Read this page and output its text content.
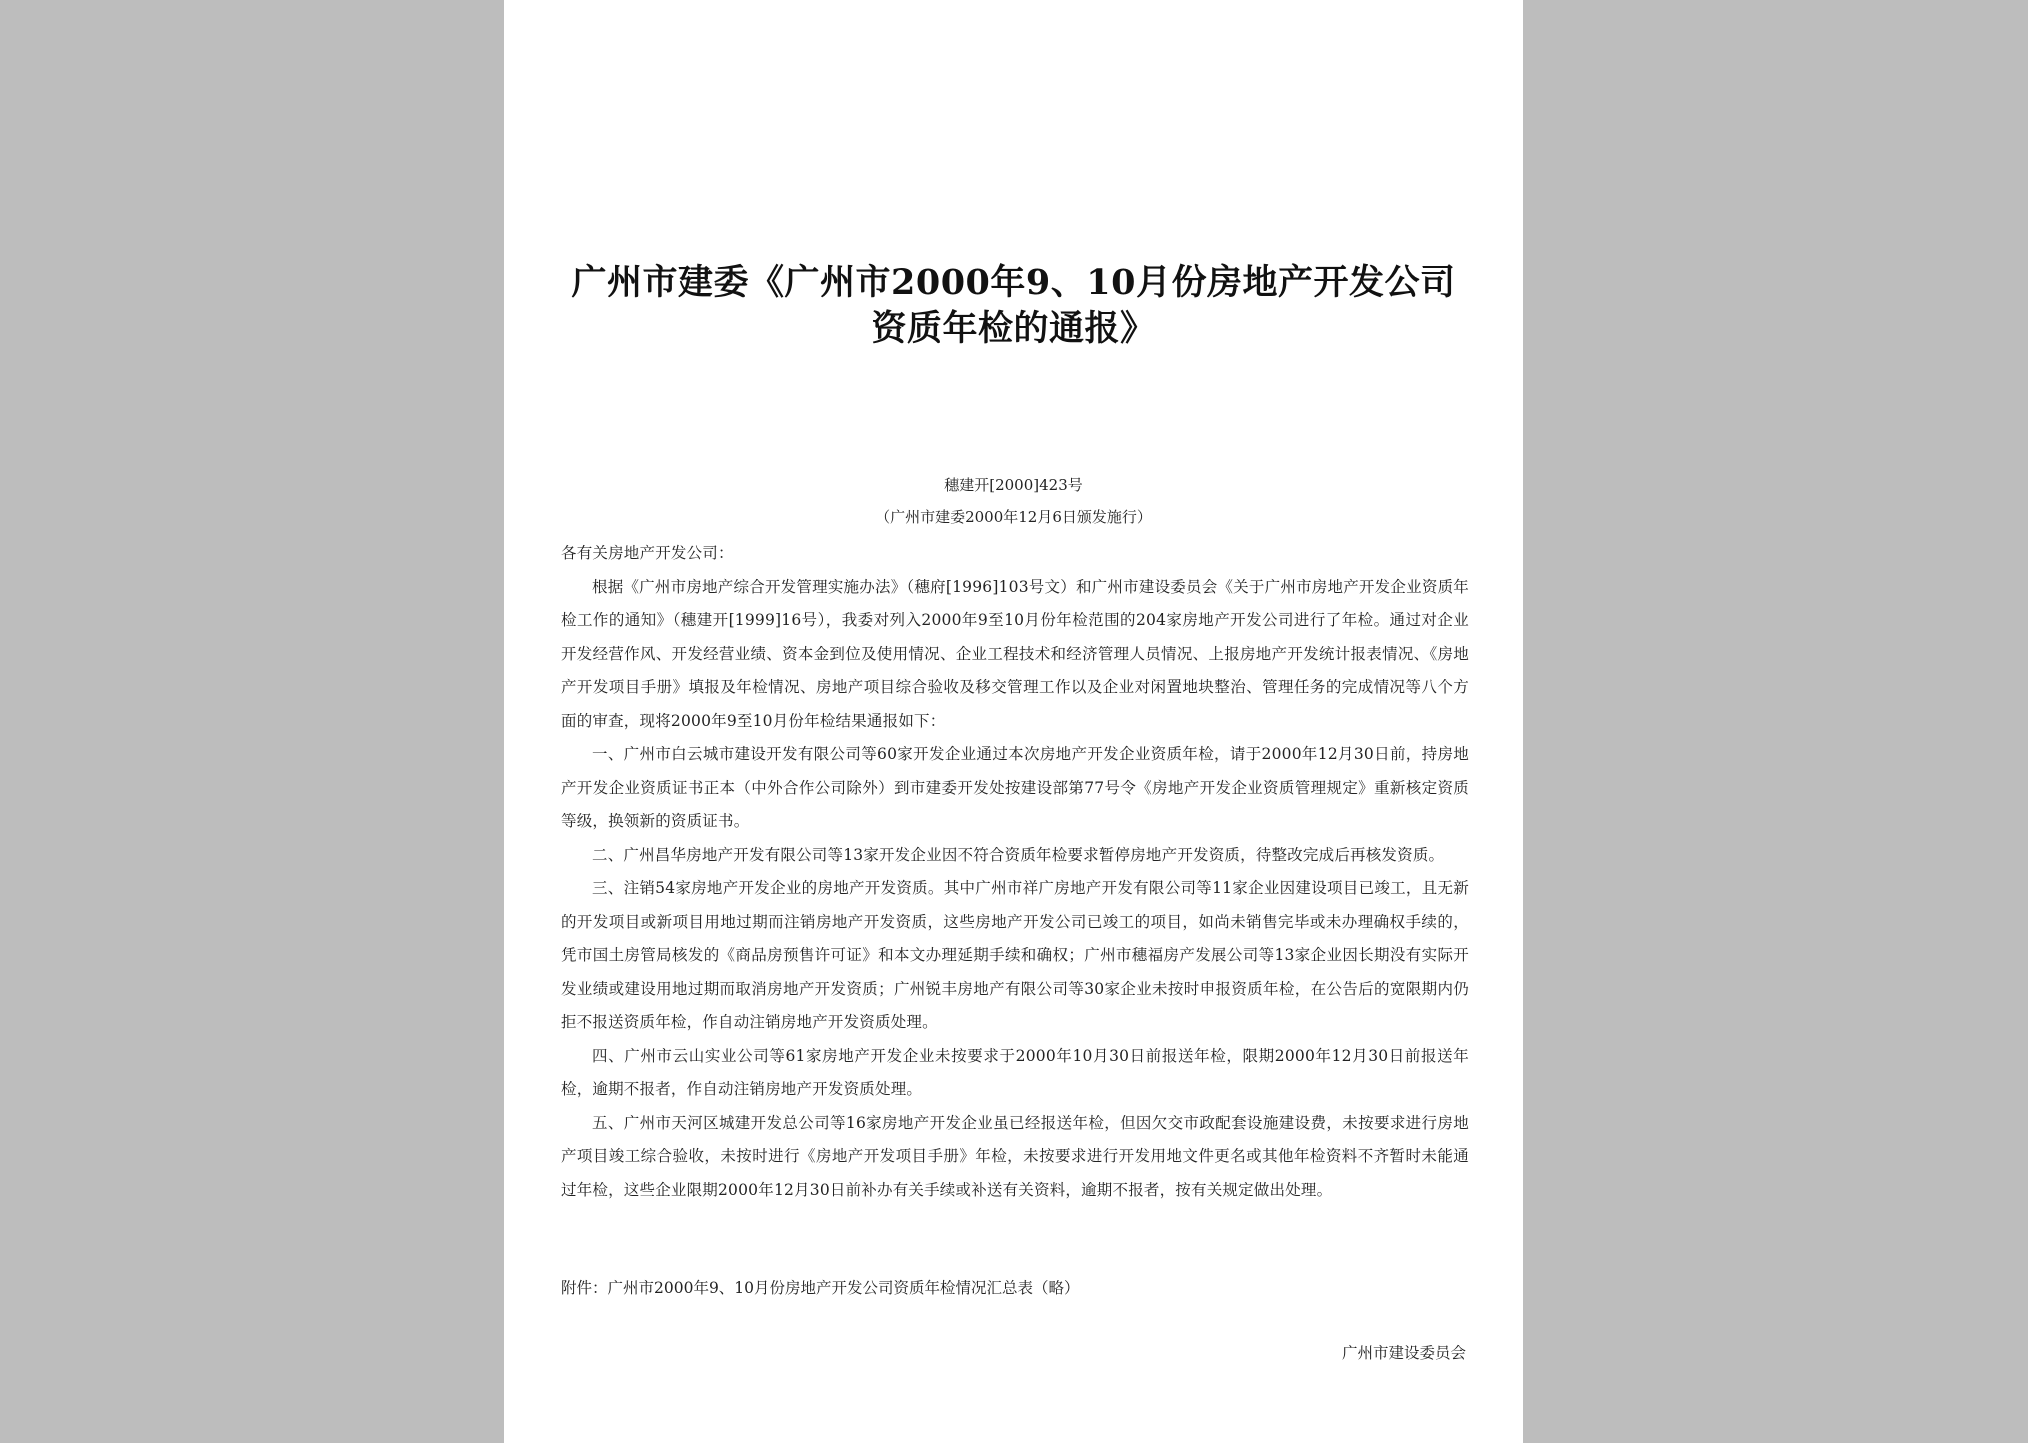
广州市建委《广州市2000年9、10月份房地产开发公司
资质年检的通报》
穗建开[2000]423号
（广州市建委2000年12月6日颁发施行）

各有关房地产开发公司：

根据《广州市房地产综合开发管理实施办法》（穗府[1996]103号文）和广州市建设委员会《关于广州市房地产开发企业资质年检工作的通知》（穗建开[1999]16号），我委对列入2000年9至10月份年检范围的204家房地产开发公司进行了年检。通过对企业开发经营作风、开发经营业绩、资本金到位及使用情况、企业工程技术和经济管理人员情况、上报房地产开发统计报表情况、《房地产开发项目手册》填报及年检情况、房地产项目综合验收及移交管理工作以及企业对闲置地块整治、管理任务的完成情况等八个方面的审查，现将2000年9至10月份年检结果通报如下：

一、广州市白云城市建设开发有限公司等60家开发企业通过本次房地产开发企业资质年检，请于2000年12月30日前，持房地产开发企业资质证书正本（中外合作公司除外）到市建委开发处按建设部第77号令《房地产开发企业资质管理规定》重新核定资质等级，换领新的资质证书。

二、广州昌华房地产开发有限公司等13家开发企业因不符合资质年检要求暂停房地产开发资质，待整改完成后再核发资质。

三、注销54家房地产开发企业的房地产开发资质。其中广州市祥广房地产开发有限公司等11家企业因建设项目已竣工，且无新的开发项目或新项目用地过期而注销房地产开发资质，这些房地产开发公司已竣工的项目，如尚未销售完毕或未办理确权手续的，凭市国土房管局核发的《商品房预售许可证》和本文办理延期手续和确权；广州市穗福房产发展公司等13家企业因长期没有实际开发业绩或建设用地过期而取消房地产开发资质；广州锐丰房地产有限公司等30家企业未按时申报资质年检，在公告后的宽限期内仍拒不报送资质年检，作自动注销房地产开发资质处理。

四、广州市云山实业公司等61家房地产开发企业未按要求于2000年10月30日前报送年检，限期2000年12月30日前报送年检，逾期不报者，作自动注销房地产开发资质处理。

五、广州市天河区城建开发总公司等16家房地产开发企业虽已经报送年检，但因欠交市政配套设施建设费，未按要求进行房地产项目竣工综合验收，未按时进行《房地产开发项目手册》年检，未按要求进行开发用地文件更名或其他年检资料不齐暂时未能通过年检，这些企业限期2000年12月30日前补办有关手续或补送有关资料，逾期不报者，按有关规定做出处理。

附件：广州市2000年9、10月份房地产开发公司资质年检情况汇总表（略）
广州市建设委员会
